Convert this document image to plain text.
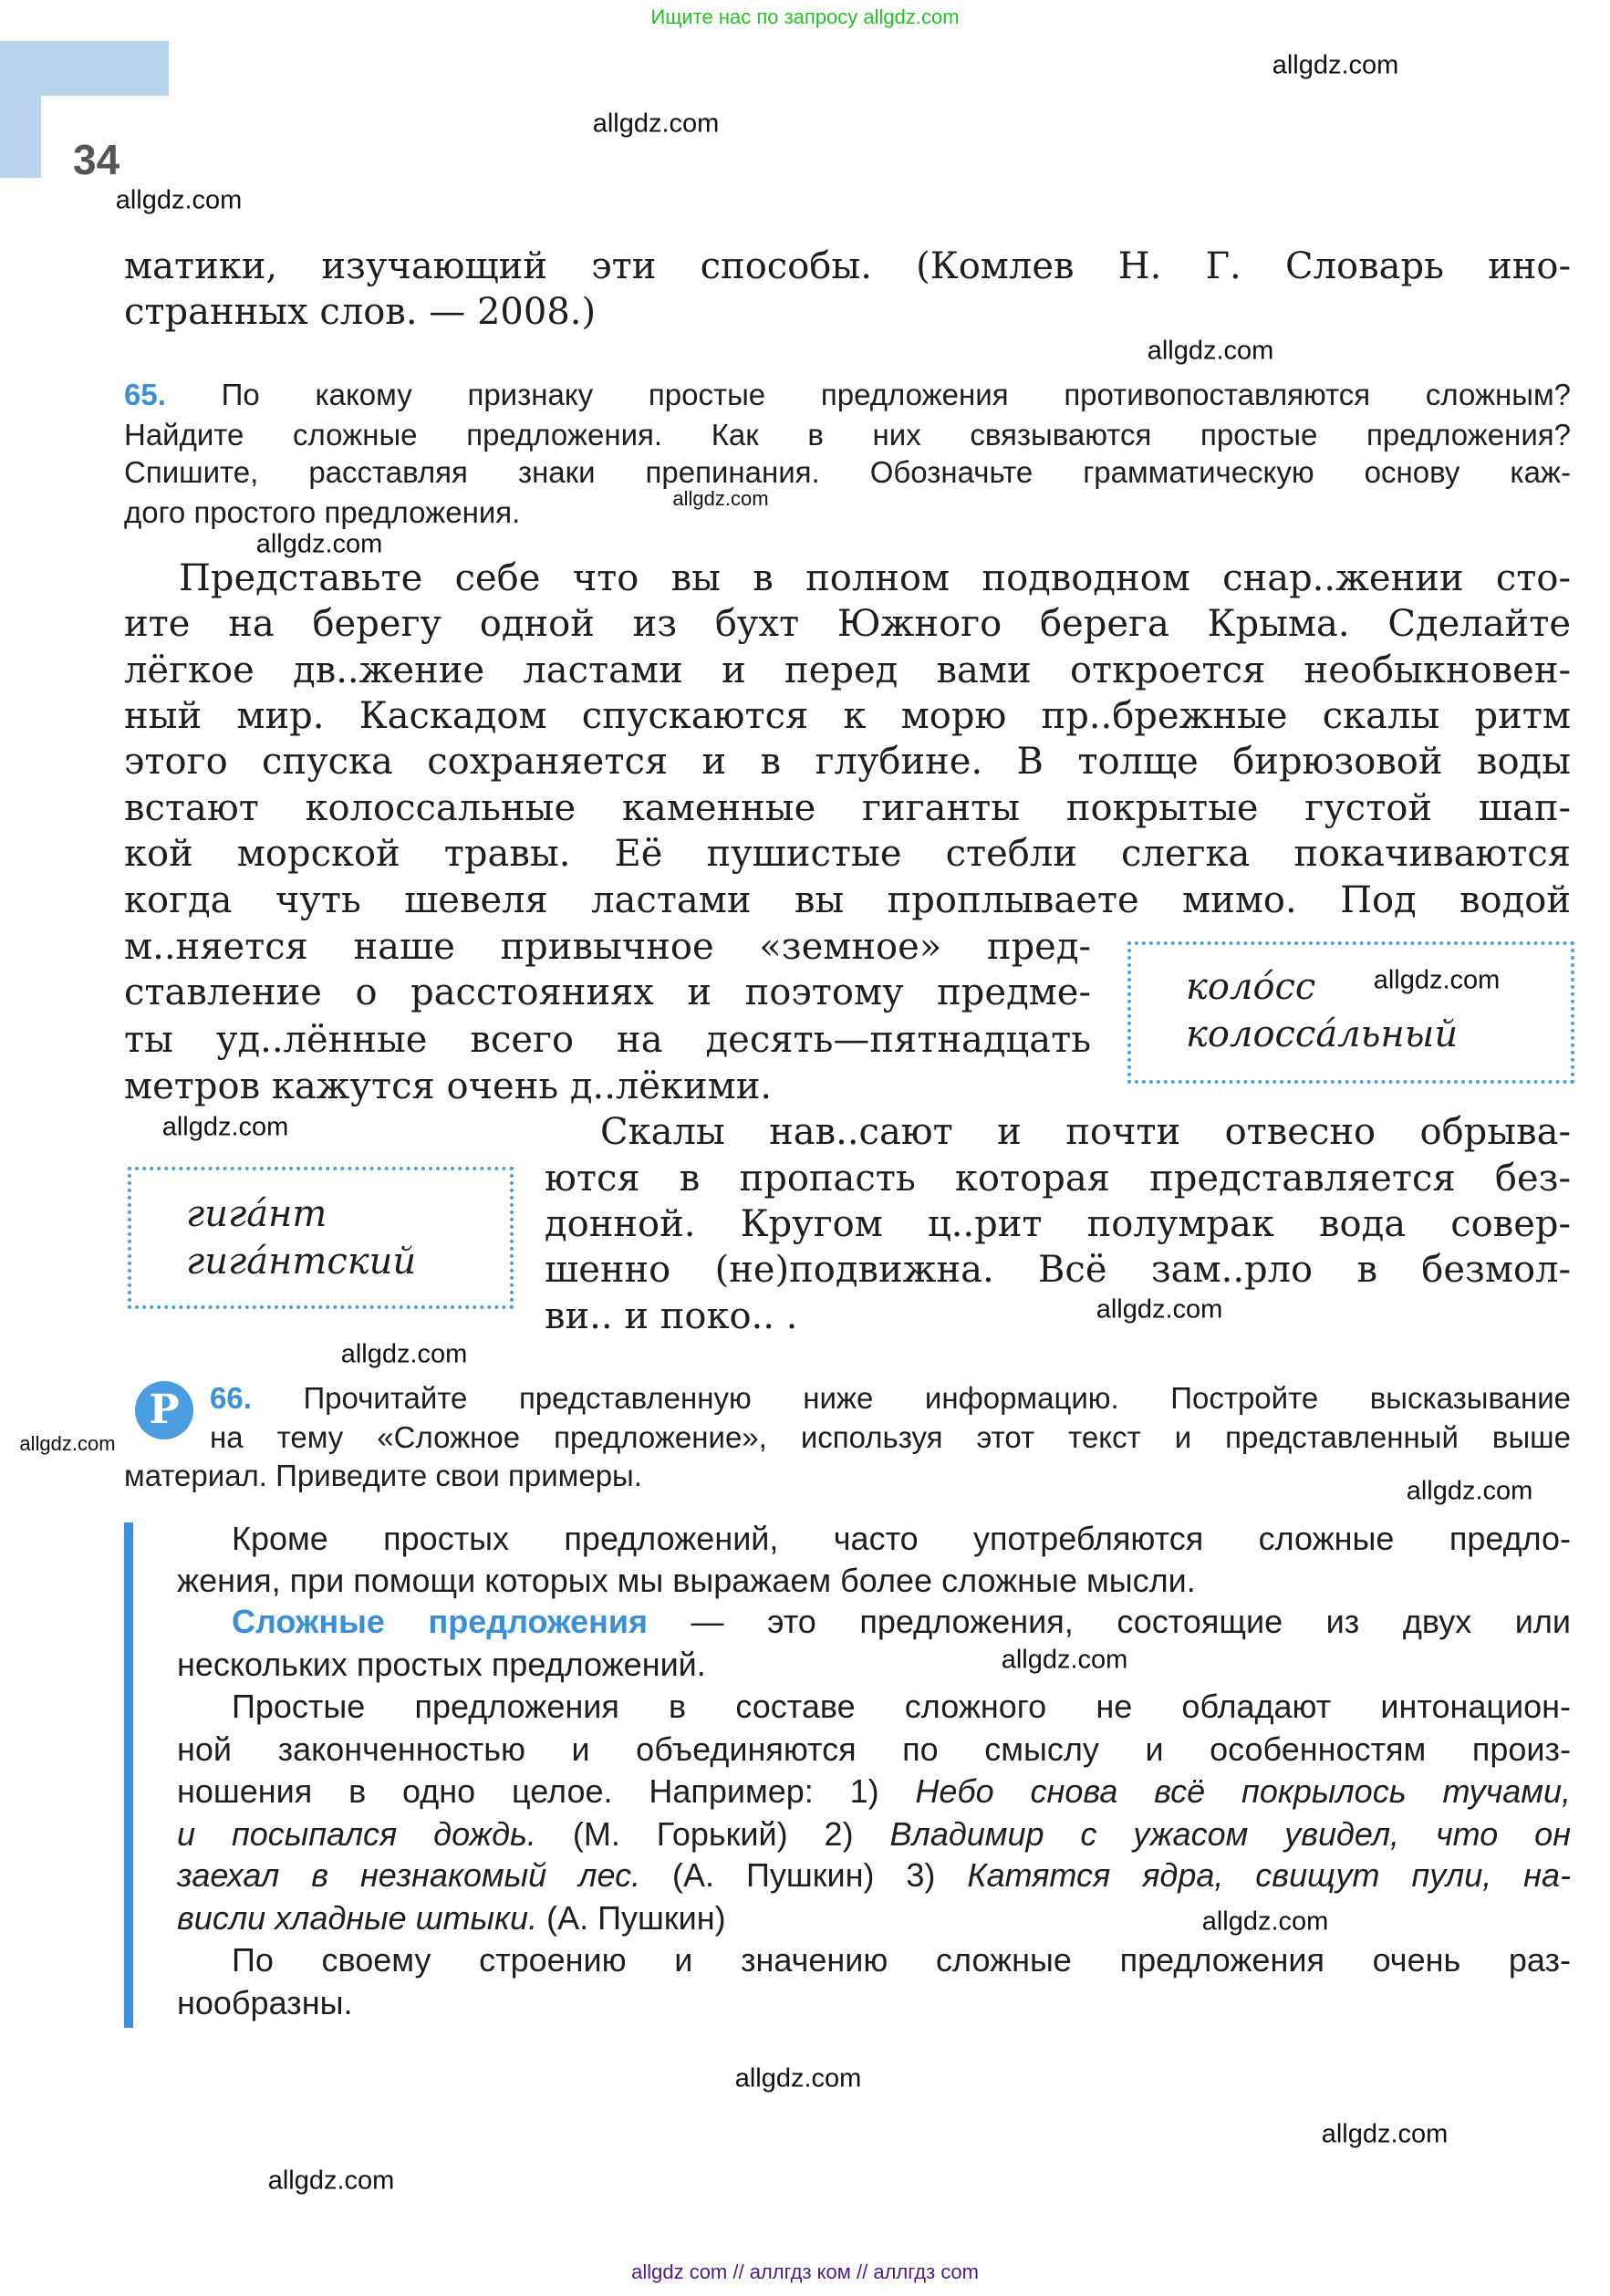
Ищите нас по запросу allgdz.com
34
матики, изучающий эти способы. (Комлев Н. Г. Словарь ино-
странных слов. — 2008.)
65. По какому признаку простые предложения противопоставляются сложным?
Найдите сложные предложения. Как в них связываются простые предложения?
Спишите, расставляя знаки препинания. Обозначьте грамматическую основу каж-
дого простого предложения.
Представьте себе что вы в полном подводном снар..жении сто-
ите на берегу одной из бухт Южного берега Крыма. Сделайте
лёгкое дв..жение ластами и перед вами откроется необыкновен-
ный мир. Каскадом спускаются к морю пр..брежные скалы ритм
этого спуска сохраняется и в глубине. В толще бирюзовой воды
встают колоссальные каменные гиганты покрытые густой шап-
кой морской травы. Её пушистые стебли слегка покачиваются
когда чуть шевеля ластами вы проплываете мимо. Под водой
м..няется наше привычное «земное» пред-
ставление о расстояниях и поэтому предме-
ты уд..лённые всего на десять—пятнадцать
метров кажутся очень д..лёкими.
Скалы нав..сают и почти отвесно обрыва-
ются в пропасть которая представляется без-
донной. Кругом ц..рит полумрак вода совер-
шенно (не)подвижна. Всё зам..рло в безмол-
ви.. и поко.. .
колóсс
колоссáльный
гигáнт
гигáнтский
Р	66. Прочитайте представленную ниже информацию. Постройте высказывание
на тему «Сложное предложение», используя этот текст и представленный выше
материал. Приведите свои примеры.
Кроме простых предложений, часто употребляются сложные предло-
жения, при помощи которых мы выражаем более сложные мысли.
Сложные предложения — это предложения, состоящие из двух или
нескольких простых предложений.
Простые предложения в составе сложного не обладают интонацион-
ной законченностью и объединяются по смыслу и особенностям произ-
ношения в одно целое. Например: 1) Небо снова всё покрылось тучами,
и посыпался дождь. (М. Горький) 2) Владимир с ужасом увидел, что он
заехал в незнакомый лес. (А. Пушкин) 3) Катятся ядра, свищут пули, на-
висли хладные штыки. (А. Пушкин)
По своему строению и значению сложные предложения очень раз-
нообразны.
allgdz.com
allgdz.com
allgdz.com
allgdz.com
allgdz.com
allgdz.com
allgdz.com
allgdz.com
allgdz.com
allgdz.com
allgdz.com
allgdz.com
allgdz.com
allgdz.com
allgdz.com
allgdz.com
allgdz.com
allgdz com // аллгдз ком // аллгдз com
